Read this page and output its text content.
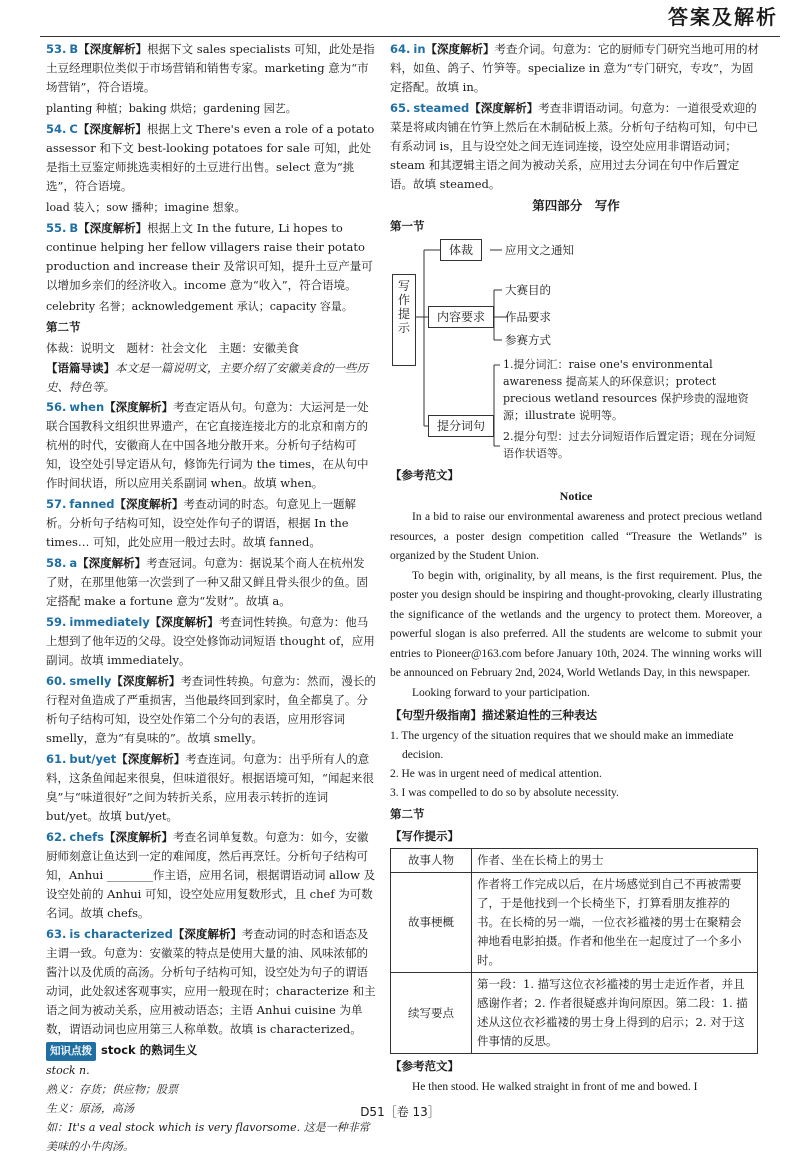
答案及解析
53. B【深度解析】根据下文 sales specialists 可知，此处是指土豆经理职位类似于市场营销和销售专家。marketing 意为“市场营销”，符合语境。
planting 种植；baking 烘焙；gardening 园艺。
54. C【深度解析】根据上文 There's even a role of a potato assessor 和下文 best-looking potatoes for sale 可知，此处是指土豆鉴定师挑选卖相好的土豆进行出售。select 意为“挑选”，符合语境。
load 装入；sow 播种；imagine 想象。
55. B【深度解析】根据上文 In the future, Li hopes to continue helping her fellow villagers raise their potato production and increase their 及常识可知，提升土豆产量可以增加乡亲们的经济收入。income 意为“收入”，符合语境。
celebrity 名誉；acknowledgement 承认；capacity 容量。
第二节
体裁：说明文　题材：社会文化　主题：安徽美食
【语篇导读】本文是一篇说明文，主要介绍了安徽美食的一些历史、特色等。
56. when【深度解析】考查定语从句。句意为：大运河是一处联合国教科文组织世界遗产，在它直接连接北方的北京和南方的杭州的时代，安徽商人在中国各地分散开来。分析句子结构可知，设空处引导定语从句，修饰先行词为 the times，在从句中作时间状语，所以应用关系副词 when。故填 when。
57. fanned【深度解析】考查动词的时态。句意见上一题解析。分析句子结构可知，设空处作句子的谓语，根据 In the times… 可知，此处应用一般过去时。故填 fanned。
58. a【深度解析】考查冠词。句意为：据说某个商人在杭州发了财，在那里他第一次尝到了一种又甜又鲜且骨头很少的鱼。固定搭配 make a fortune 意为“发财”。故填 a。
59. immediately【深度解析】考查词性转换。句意为：他马上想到了他年迈的父母。设空处修饰动词短语 thought of，应用副词。故填 immediately。
60. smelly【深度解析】考查词性转换。句意为：然而，漫长的行程对鱼造成了严重损害，当他最终回到家时，鱼全都臭了。分析句子结构可知，设空处作第二个分句的表语，应用形容词 smelly，意为“有臭味的”。故填 smelly。
61. but/yet【深度解析】考查连词。句意为：出乎所有人的意料，这条鱼闻起来很臭，但味道很好。根据语境可知，“闻起来很臭”与“味道很好”之间为转折关系，应用表示转折的连词 but/yet。故填 but/yet。
62. chefs【深度解析】考查名词单复数。句意为：如今，安徽厨师刻意让鱼达到一定的难闻度，然后再烹饪。分析句子结构可知，Anhui ________作主语，应用名词，根据谓语动词 allow 及设空处前的 Anhui 可知，设空处应用复数形式，且 chef 为可数名词。故填 chefs。
63. is characterized【深度解析】考查动词的时态和语态及主谓一致。句意为：安徽菜的特点是使用大量的油、风味浓郁的酱汁以及优质的高汤。分析句子结构可知，设空处为句子的谓语动词，此处叙述客观事实，应用一般现在时；characterize 和主语之间为被动关系，应用被动语态；主语 Anhui cuisine 为单数，谓语动词也应用第三人称单数。故填 is characterized。
知识点拨 stock 的熟词生义
stock n.
熟义：存货；供应物；股票
生义：原汤，高汤
如：It's a veal stock which is very flavorsome. 这是一种非常美味的小牛肉汤。
64. in【深度解析】考查介词。句意为：它的厨师专门研究当地可用的材料，如鱼、鸽子、竹笋等。specialize in 意为“专门研究，专攻”，为固定搭配。故填 in。
65. steamed【深度解析】考查非谓语动词。句意为：一道很受欢迎的菜是将咸肉铺在竹笋上然后在木制砧板上蒸。分析句子结构可知，句中已有系动词 is，且与设空处之间无连词连接，设空处应用非谓语动词；steam 和其逻辑主语之间为被动关系，应用过去分词在句中作后置定语。故填 steamed。
第四部分　写作
第一节
写作提示
体裁	应用文之通知
内容要求
大赛目的
作品要求
参赛方式
提分词句
1.提分词汇：raise one's environmental awareness 提高某人的环保意识；protect precious wetland resources 保护珍贵的湿地资源；illustrate 说明等。
2.提分句型：过去分词短语作后置定语；现在分词短语作状语等。
【参考范文】
Notice

In a bid to raise our environmental awareness and protect precious wetland resources, a poster design competition called “Treasure the Wetlands” is organized by the Student Union.

To begin with, originality, by all means, is the first requirement. Plus, the poster you design should be inspiring and thought-provoking, clearly illustrating the significance of the wetlands and the urgency to protect them. Moreover, a powerful slogan is also preferred. All the students are welcome to submit your entries to Pioneer@163.com before January 10th, 2024. The winning works will be announced on February 2nd, 2024, World Wetlands Day, in this newspaper.

Looking forward to your participation.

【句型升级指南】描述紧迫性的三种表达

1. The urgency of the situation requires that we should make an immediate decision.

2. He was in urgent need of medical attention.

3. I was compelled to do so by absolute necessity.

第二节
【写作提示】
故事人物	作者、坐在长椅上的男士
故事梗概	作者将工作完成以后，在片场感觉到自己不再被需要了，于是他找到一个长椅坐下，打算看朋友推荐的书。在长椅的另一端，一位衣衫褴褛的男士在聚精会神地看电影拍摄。作者和他坐在一起度过了一个多小时。
续写要点	第一段：1. 描写这位衣衫褴褛的男士走近作者，并且感谢作者；2. 作者很疑惑并询问原因。第二段：1. 描述从这位衣衫褴褛的男士身上得到的启示；2. 对于这件事情的反思。
【参考范文】

He then stood. He walked straight in front of me and bowed. I

D51［卷 13］
